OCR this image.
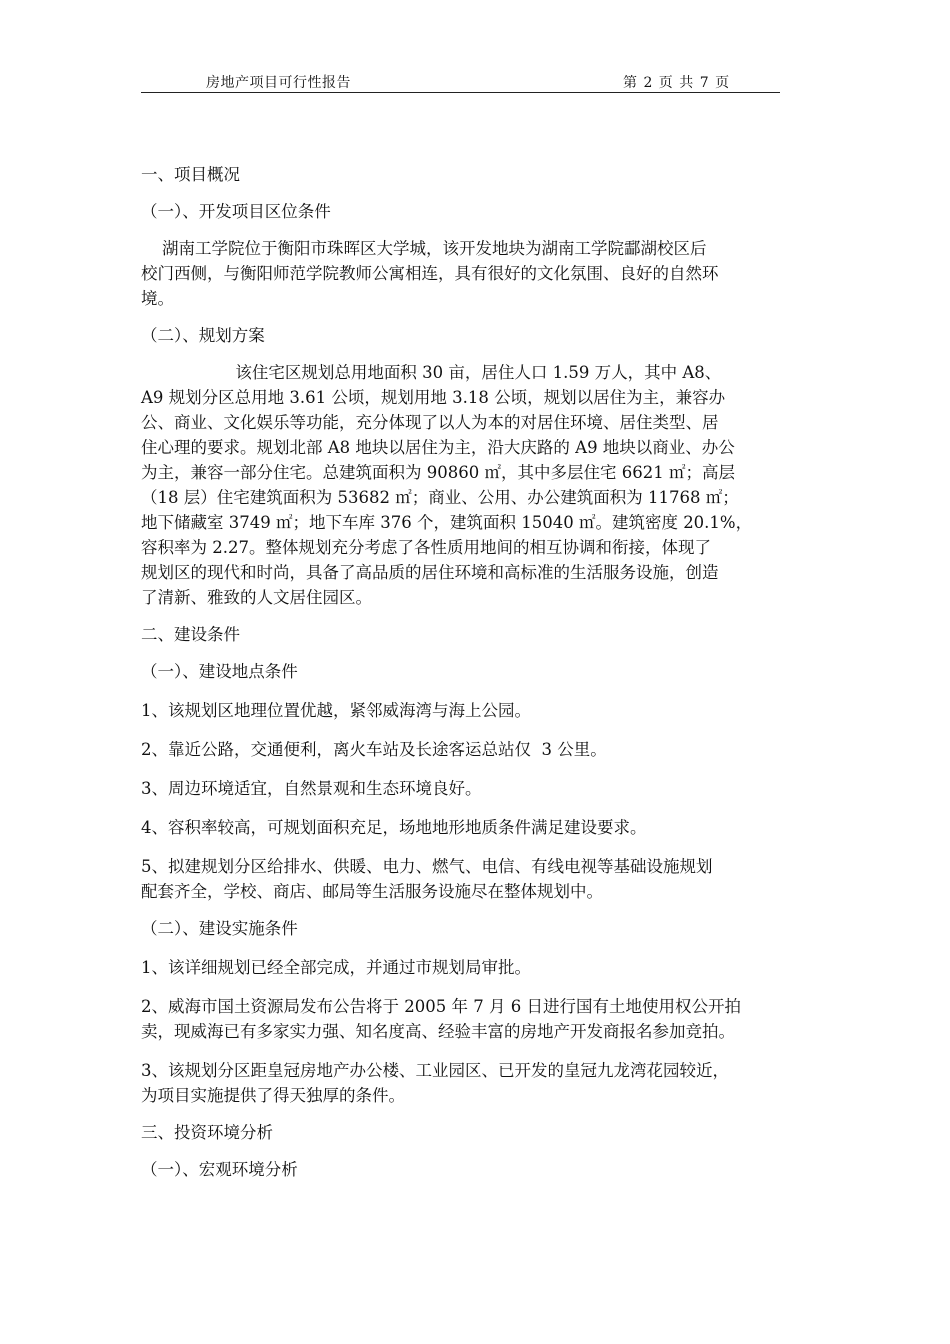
房地产项目可行性报告	第 2 页 共 7 页
一、项目概况
（一）、开发项目区位条件
湖南工学院位于衡阳市珠晖区大学城，该开发地块为湖南工学院酃湖校区后
校门西侧，与衡阳师范学院教师公寓相连，具有很好的文化氛围、良好的自然环
境。
（二）、规划方案
该住宅区规划总用地面积 30 亩，居住人口 1.59 万人，其中 A8、
A9 规划分区总用地 3.61 公顷，规划用地 3.18 公顷，规划以居住为主，兼容办
公、商业、文化娱乐等功能，充分体现了以人为本的对居住环境、居住类型、居
住心理的要求。规划北部 A8 地块以居住为主，沿大庆路的 A9 地块以商业、办公
为主，兼容一部分住宅。总建筑面积为 90860 ㎡，其中多层住宅 6621 ㎡；高层
（18 层）住宅建筑面积为 53682 ㎡；商业、公用、办公建筑面积为 11768 ㎡；
地下储藏室 3749 ㎡；地下车库 376 个，建筑面积 15040 ㎡。建筑密度 20.1%，
容积率为 2.27。整体规划充分考虑了各性质用地间的相互协调和衔接，体现了
规划区的现代和时尚，具备了高品质的居住环境和高标准的生活服务设施，创造
了清新、雅致的人文居住园区。
二、建设条件
（一）、建设地点条件
1、该规划区地理位置优越，紧邻威海湾与海上公园。
2、靠近公路，交通便利，离火车站及长途客运总站仅  3 公里。
3、周边环境适宜，自然景观和生态环境良好。
4、容积率较高，可规划面积充足，场地地形地质条件满足建设要求。
5、拟建规划分区给排水、供暖、电力、燃气、电信、有线电视等基础设施规划
配套齐全，学校、商店、邮局等生活服务设施尽在整体规划中。
（二）、建设实施条件
1、该详细规划已经全部完成，并通过市规划局审批。
2、威海市国土资源局发布公告将于 2005 年 7 月 6 日进行国有土地使用权公开拍
卖，现威海已有多家实力强、知名度高、经验丰富的房地产开发商报名参加竞拍。
3、该规划分区距皇冠房地产办公楼、工业园区、已开发的皇冠九龙湾花园较近，
为项目实施提供了得天独厚的条件。
三、投资环境分析
（一）、宏观环境分析
